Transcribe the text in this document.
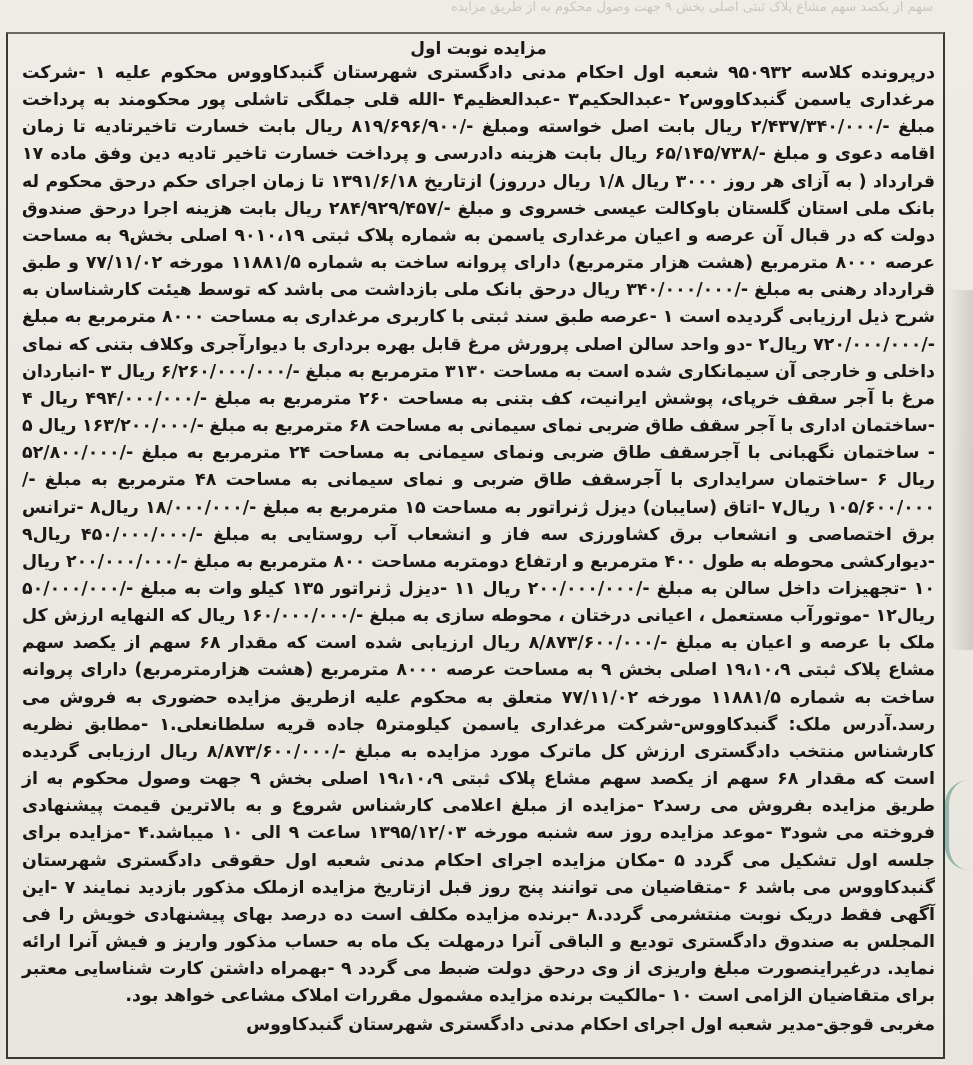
سهم از یکصد سهم مشاع پلاک ثبتی اصلی بخش ۹ جهت وصول محکوم به از طریق مزایده

مزایده نوبت اول

درپرونده کلاسه ۹۵۰۹۳۲ شعبه اول احکام مدنی دادگستری شهرستان گنبدکاووس محکوم علیه ۱ -شرکت مرغداری یاسمن گنبدکاووس۲ -عبدالحکیم۳ -عبدالعظیم۴ -الله قلی جملگی تاشلی پور محکومند به پرداخت مبلغ -/۲/۴۳۷/۳۴۰/۰۰۰ ریال بابت اصل خواسته ومبلغ -/۸۱۹/۶۹۶/۹۰۰ ریال بابت خسارت تاخیرتادیه تا زمان اقامه دعوی و مبلغ -/۶۵/۱۴۵/۷۳۸ ریال بابت هزینه دادرسی و پرداخت خسارت تاخیر تادیه دین وفق ماده ۱۷ قرارداد ( به آزای هر روز ۳۰۰۰ ریال ۱/۸ ریال درروز) ازتاریخ ۱۳۹۱/۶/۱۸ تا زمان اجرای حکم درحق محکوم له بانک ملی استان گلستان باوکالت عیسی خسروی و مبلغ -/۲۸۴/۹۲۹/۴۵۷ ریال بابت هزینه اجرا درحق صندوق دولت که در قبال آن عرصه و اعیان مرغداری یاسمن به شماره پلاک ثبتی ۹۰۱۰،۱۹ اصلی بخش۹ به مساحت عرصه ۸۰۰۰ مترمربع (هشت هزار مترمربع) دارای پروانه ساخت به شماره ۱۱۸۸۱/۵ مورخه ۷۷/۱۱/۰۲ و طبق قرارداد رهنی به مبلغ -/۳۴۰/۰۰۰/۰۰۰ ریال درحق بانک ملی بازداشت می باشد که توسط هیئت کارشناسان به شرح ذیل ارزیابی گردیده است ۱ -عرصه طبق سند ثبتی با کاربری مرغداری به مساحت ۸۰۰۰ مترمربع به مبلغ -/۷۲۰/۰۰۰/۰۰۰ ریال۲ -دو واحد سالن اصلی پرورش مرغ قابل بهره برداری با دیوارآجری وکلاف بتنی که نمای داخلی و خارجی آن سیمانکاری شده است به مساحت ۳۱۳۰ مترمربع به مبلغ -/۶/۲۶۰/۰۰۰/۰۰۰ ریال ۳ -انباردان مرغ با آجر سقف خرپای، پوشش ایرانیت، کف بتنی به مساحت ۲۶۰ مترمربع به مبلغ -/۴۹۴/۰۰۰/۰۰۰ ریال ۴ -ساختمان اداری با آجر سقف طاق ضربی نمای سیمانی به مساحت ۶۸ مترمربع به مبلغ -/۱۶۳/۲۰۰/۰۰۰ ریال ۵ - ساختمان نگهبانی با آجرسقف طاق ضربی ونمای سیمانی به مساحت ۲۴ مترمربع به مبلغ -/۵۲/۸۰۰/۰۰۰ ریال ۶ -ساختمان سرایداری با آجرسقف طاق ضربی و نمای سیمانی به مساحت ۴۸ مترمربع به مبلغ -/۱۰۵/۶۰۰/۰۰۰ ریال۷ -اتاق (سایبان) دیزل ژنراتور به مساحت ۱۵ مترمربع به مبلغ -/۱۸/۰۰۰/۰۰۰ ریال۸ -ترانس برق اختصاصی و انشعاب برق کشاورزی سه فاز و انشعاب آب روستایی به مبلغ -/۴۵۰/۰۰۰/۰۰۰ ریال۹ -دیوارکشی محوطه به طول ۴۰۰ مترمربع و ارتفاع دومتربه مساحت ۸۰۰ مترمربع به مبلغ -/۲۰۰/۰۰۰/۰۰۰ ریال ۱۰ -تجهیزات داخل سالن به مبلغ -/۲۰۰/۰۰۰/۰۰۰ ریال ۱۱ -دیزل ژنراتور ۱۳۵ کیلو وات به مبلغ -/۵۰/۰۰۰/۰۰۰ ریال۱۲ -موتورآب مستعمل ، اعیانی درختان ، محوطه سازی به مبلغ -/۱۶۰/۰۰۰/۰۰۰ ریال که النهایه ارزش کل ملک با عرصه و اعیان به مبلغ -/۸/۸۷۳/۶۰۰/۰۰۰ ریال ارزیابی شده است که مقدار ۶۸ سهم از یکصد سهم مشاع پلاک ثبتی ۱۹،۱۰،۹ اصلی بخش ۹ به مساحت عرصه ۸۰۰۰ مترمربع (هشت هزارمترمربع) دارای پروانه ساخت به شماره ۱۱۸۸۱/۵ مورخه ۷۷/۱۱/۰۲ متعلق به محکوم علیه ازطریق مزایده حضوری به فروش می رسد.آدرس ملک: گنبدکاووس-شرکت مرغداری یاسمن کیلومتر۵ جاده قریه سلطانعلی.۱ -مطابق نظریه کارشناس منتخب دادگستری ارزش کل ماترک مورد مزایده به مبلغ -/۸/۸۷۳/۶۰۰/۰۰۰ ریال ارزیابی گردیده است که مقدار ۶۸ سهم از یکصد سهم مشاع پلاک ثبتی ۱۹،۱۰،۹ اصلی بخش ۹ جهت وصول محکوم به از طریق مزایده بفروش می رسد۲ -مزایده از مبلغ اعلامی کارشناس شروع و به بالاترین قیمت پیشنهادی فروخته می شود۳ -موعد مزایده روز سه شنبه مورخه ۱۳۹۵/۱۲/۰۳ ساعت ۹ الی ۱۰ میباشد.۴ -مزایده برای جلسه اول تشکیل می گردد ۵ -مکان مزایده اجرای احکام مدنی شعبه اول حقوقی دادگستری شهرستان گنبدکاووس می باشد ۶ -متقاضیان می توانند پنج روز قبل ازتاریخ مزایده ازملک مذکور بازدید نمایند ۷ -این آگهی فقط دریک نوبت منتشرمی گردد.۸ -برنده مزایده مکلف است ده درصد بهای پیشنهادی خویش را فی المجلس به صندوق دادگستری تودیع و الباقی آنرا درمهلت یک ماه به حساب مذکور واریز و فیش آنرا ارائه نماید. درغیراینصورت مبلغ واریزی از وی درحق دولت ضبط می گردد ۹ -بهمراه داشتن کارت شناسایی معتبر برای متقاضیان الزامی است ۱۰ -مالکیت برنده مزایده مشمول مقررات املاک مشاعی خواهد بود.

مغربی قوجق-مدیر شعبه اول اجرای احکام مدنی دادگستری شهرستان گنبدکاووس
